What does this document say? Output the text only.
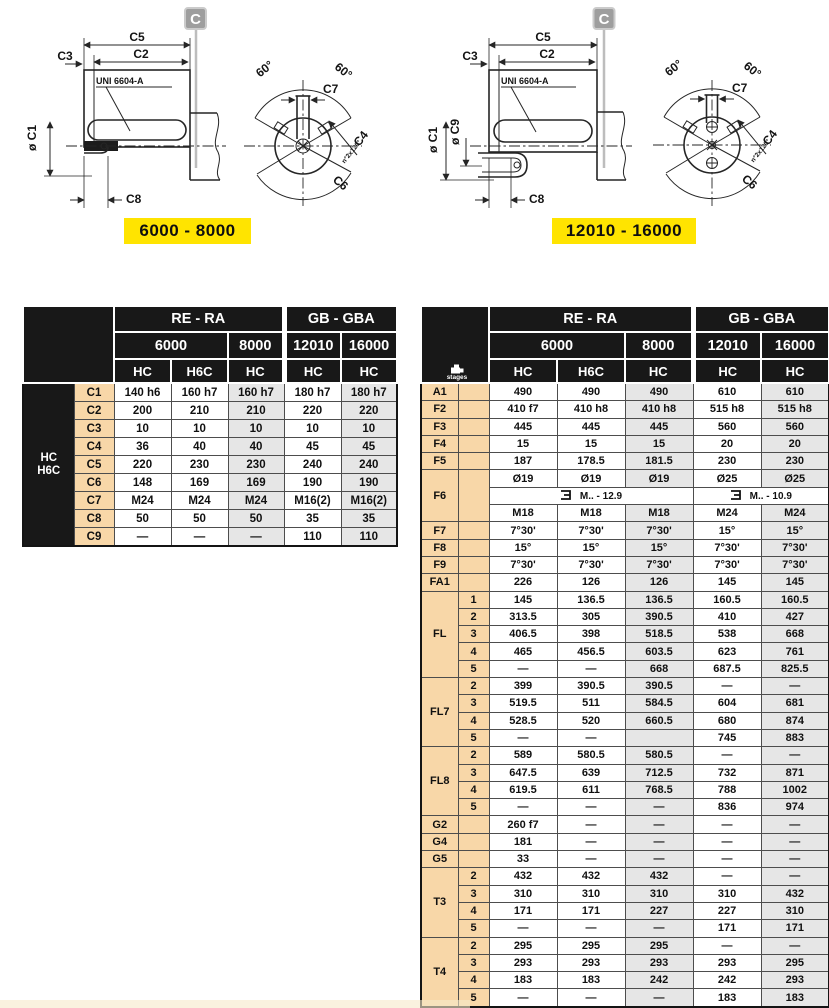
C
C5
C2
C3
UNI 6604-A
ø C1
C8
60°	60°
C6
C4
n°2x120°
C7
C
C5
C2
C3
UNI 6604-A
ø C1 ø C9
C8
60°	60°
C6
C4
n°2x120°
C7
6000 - 8000	12010 - 16000
		RE - RA			GB - GBA	
		6000		8000	12010	16000
		HC	H6C	HC	HC	HC

HC
H6C	C1	140 h6	160 h7	160 h7	180 h7	180 h7
	C2	200	210	210	220	220
	C3	10	10	10	10	10
	C4	36	40	40	45	45
	C5	220	230	230	240	240
	C6	148	169	169	190	190
	C7	M24	M24	M24	M16(2)	M16(2)
	C8	50	50	50	35	35
	C9	—	—	—	110	110
stages		RE - RA			GB - GBA	
		6000		8000	12010	16000
		HC	H6C	HC	HC	HC
A1		490	490	490	610	610
F2		410 f7	410 h8	410 h8	515 h8	515 h8
F3		445	445	445	560	560
F4		15	15	15	20	20
F5		187	178.5	181.5	230	230
F6		Ø19	Ø19	Ø19	Ø25	Ø25
		M.. - 12.9			M.. - 10.9	
		M18	M18	M18	M24	M24
F7		7°30'	7°30'	7°30'	15°	15°
F8		15°	15°	15°	7°30'	7°30'
F9		7°30'	7°30'	7°30'	7°30'	7°30'
FA1		226	126	126	145	145
FL	1	145	136.5	136.5	160.5	160.5
	2	313.5	305	390.5	410	427
	3	406.5	398	518.5	538	668
	4	465	456.5	603.5	623	761
	5	—	—	668	687.5	825.5
FL7	2	399	390.5	390.5	—	—
	3	519.5	511	584.5	604	681
	4	528.5	520	660.5	680	874
	5	—	—		745	883
FL8	2	589	580.5	580.5	—	—
	3	647.5	639	712.5	732	871
	4	619.5	611	768.5	788	1002
	5	—	—	—	836	974
G2		260 f7	—	—	—	—
G4		181	—	—	—	—
G5		33	—	—	—	—
T3	2	432	432	432	—	—
	3	310	310	310	310	432
	4	171	171	227	227	310
	5	—	—	—	171	171
T4	2	295	295	295	—	—
	3	293	293	293	293	295
	4	183	183	242	242	293
	5	—	—	—	183	183
